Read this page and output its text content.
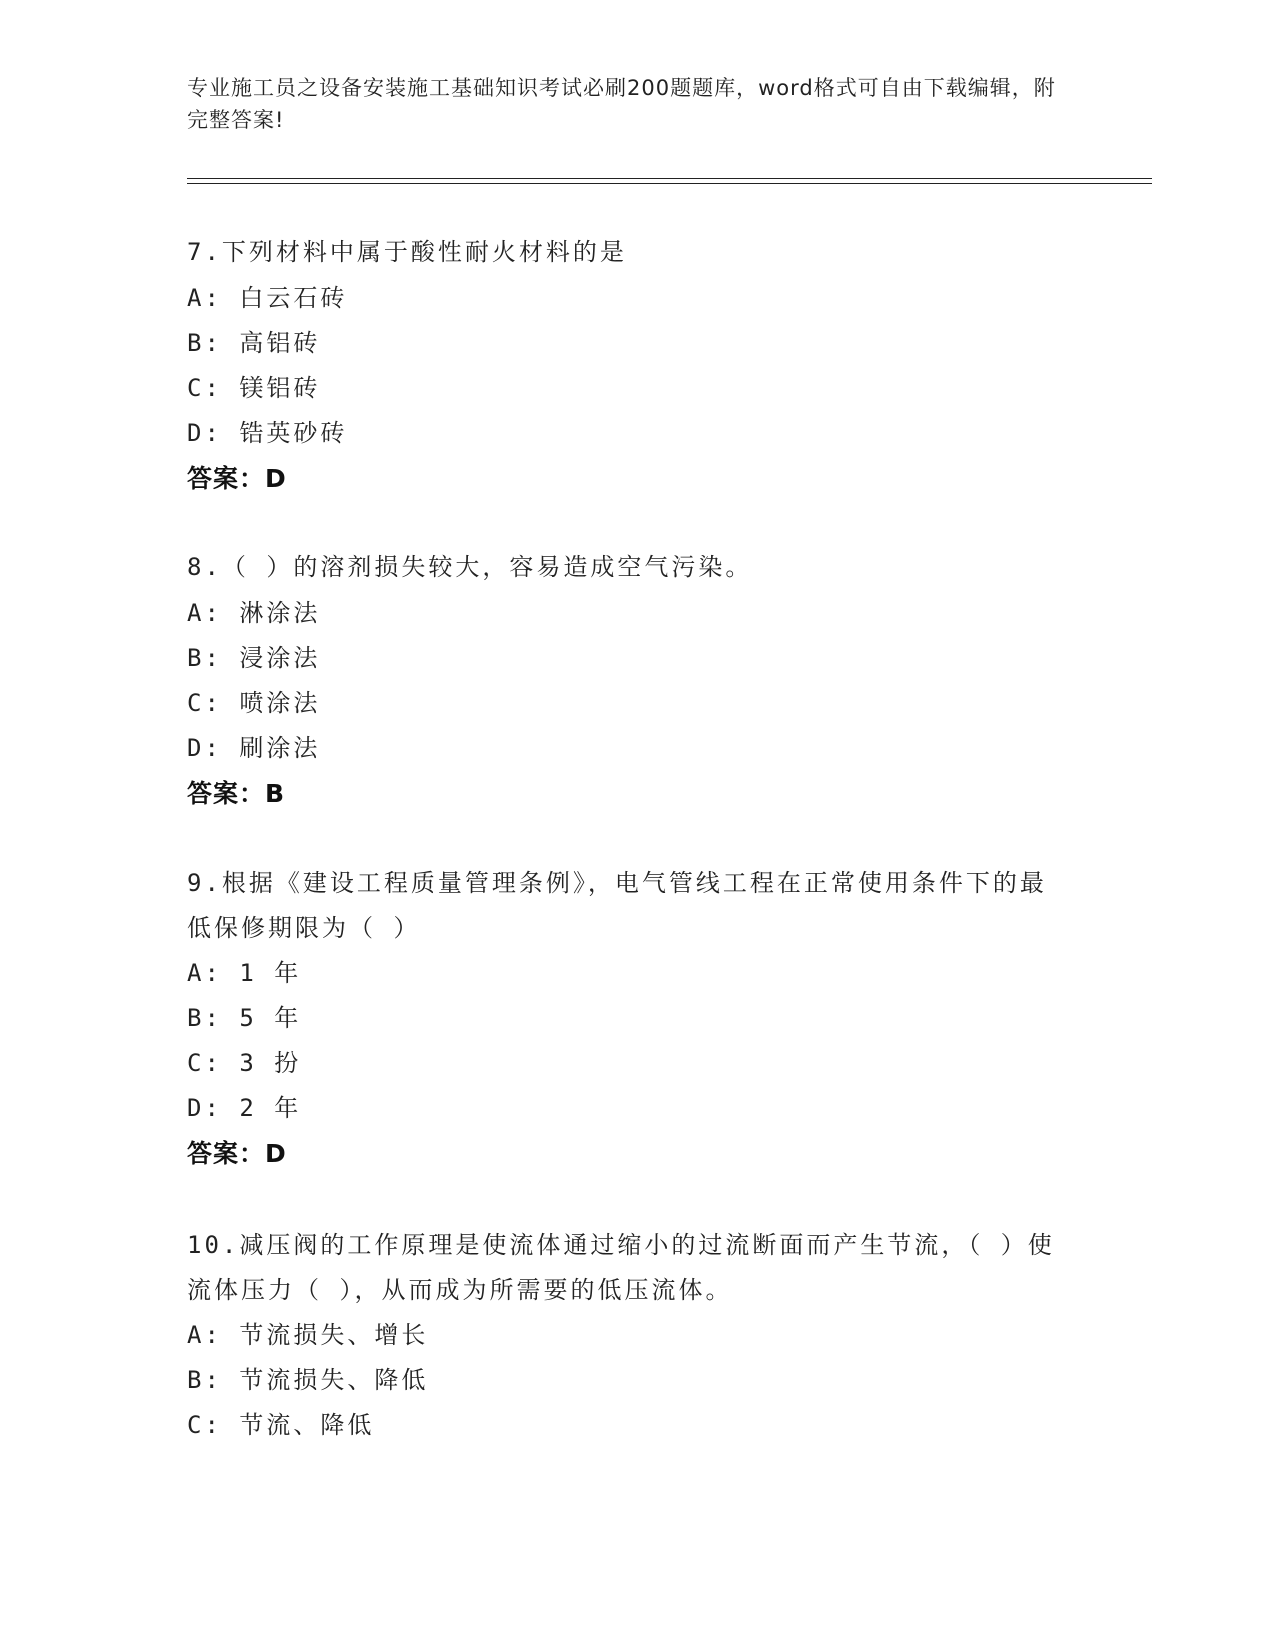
专业施工员之设备安装施工基础知识考试必刷200题题库，word格式可自由下载编辑，附完整答案!
7.下列材料中属于酸性耐火材料的是
A: 白云石砖
B: 高铝砖
C: 镁铝砖
D: 锆英砂砖
答案：D
8.（ ）的溶剂损失较大，容易造成空气污染。
A: 淋涂法
B: 浸涂法
C: 喷涂法
D: 刷涂法
答案：B
9.根据《建设工程质量管理条例》，电气管线工程在正常使用条件下的最低保修期限为（ ）
A: 1 年
B: 5 年
C: 3 扮
D: 2 年
答案：D
10.减压阀的工作原理是使流体通过缩小的过流断面而产生节流，（ ）使流体压力（ ），从而成为所需要的低压流体。
A: 节流损失、增长
B: 节流损失、降低
C: 节流、降低
